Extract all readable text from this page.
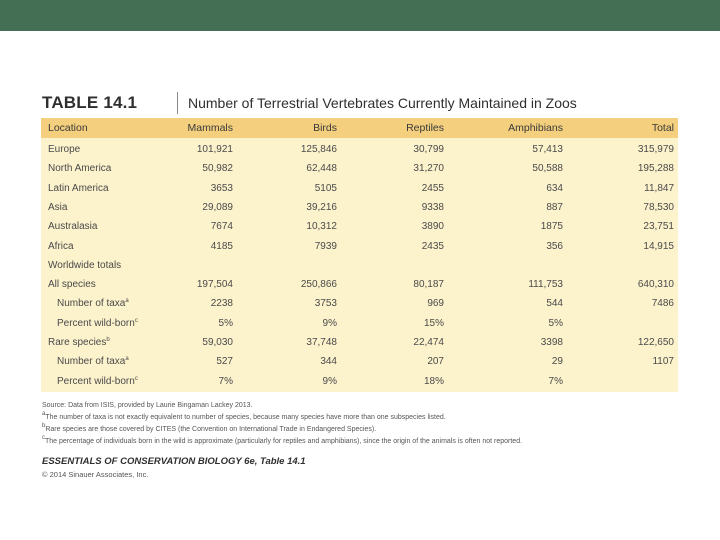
TABLE 14.1	Number of Terrestrial Vertebrates Currently Maintained in Zoos
Location	Mammals	Birds	Reptiles	Amphibians	Total
Europe	101,921	125,846	30,799	57,413	315,979
North America	50,982	62,448	31,270	50,588	195,288
Latin America	3653	5105	2455	634	11,847
Asia	29,089	39,216	9338	887	78,530
Australasia	7674	10,312	3890	1875	23,751
Africa	4185	7939	2435	356	14,915
Worldwide totals
All species	197,504	250,866	80,187	111,753	640,310
Number of taxa$^a$	2238	3753	969	544	7486
Percent wild-born$^c$	5%	9%	15%	5%
Rare species$^b$	59,030	37,748	22,474	3398	122,650
Number of taxa$^a$	527	344	207	29	1107
Percent wild-born$^c$	7%	9%	18%	7%
Source: Data from ISIS, provided by Laurie Bingaman Lackey 2013.
$^a$The number of taxa is not exactly equivalent to number of species, because many species have more than one subspecies listed.
$^b$Rare species are those covered by CITES (the Convention on International Trade in Endangered Species).
$^c$The percentage of individuals born in the wild is approximate (particularly for reptiles and amphibians), since the origin of the animals is often not reported.
ESSENTIALS OF CONSERVATION BIOLOGY 6e, Table 14.1
© 2014 Sinauer Associates, Inc.
